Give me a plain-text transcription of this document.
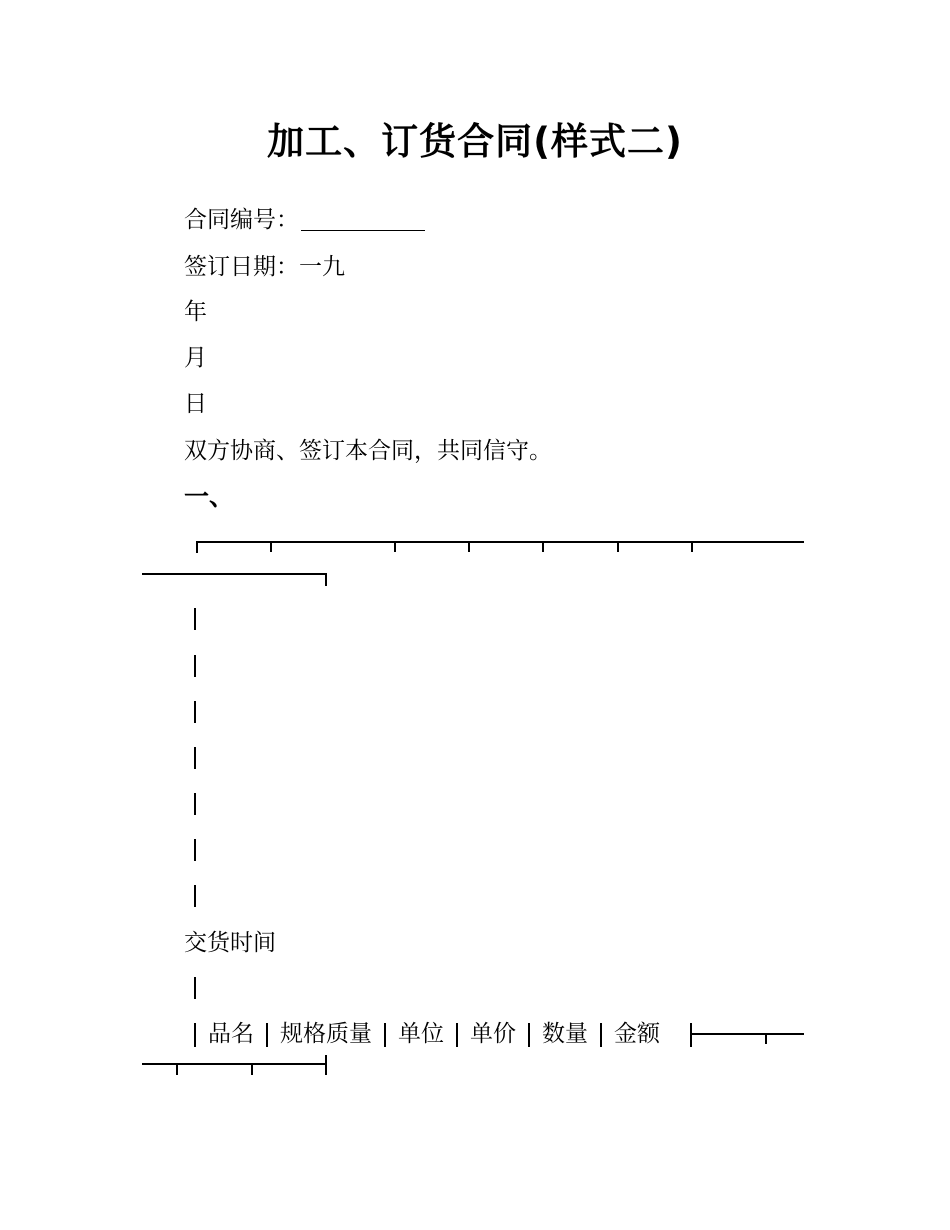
加工、订货合同(样式二)
合同编号：
签订日期：一九
年
月
日
双方协商、签订本合同，共同信守。
一、
交货时间
品名 规格质量 单位 单价 数量 金额
